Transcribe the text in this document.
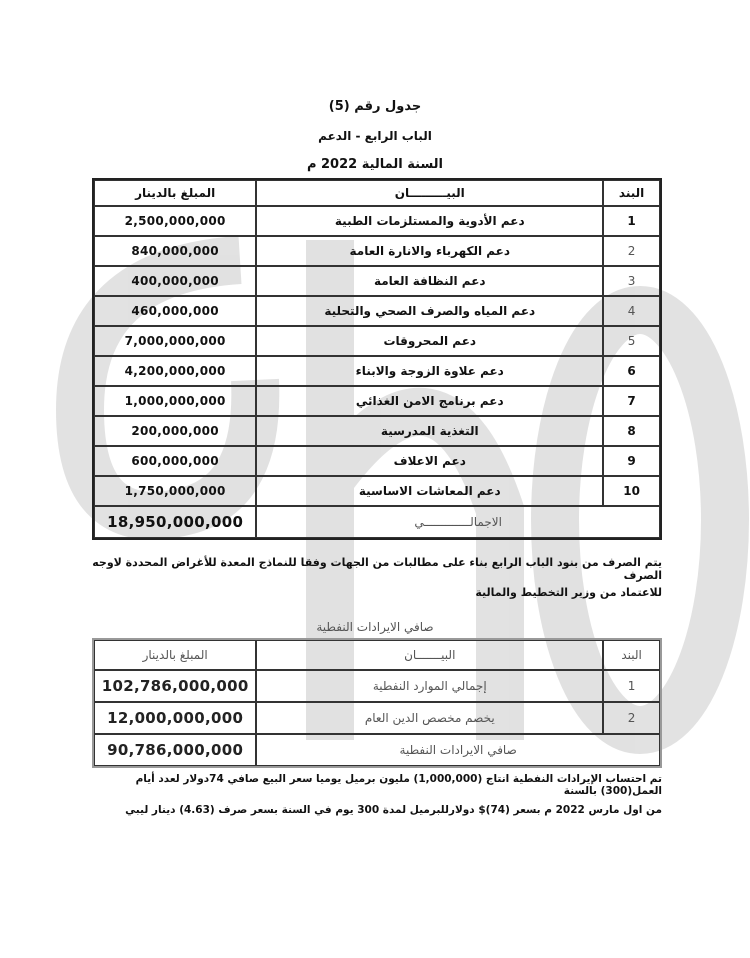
جدول رقم (5)
الباب الرابع - الدعم
السنة المالية 2022 م
البند	البيـــــــــان	المبلغ بالدينار
1	دعم الأدوية والمستلزمات الطبية	2,500,000,000
2	دعم الكهرباء والانارة العامة	840,000,000
3	دعم النظافة العامة	400,000,000
4	دعم المياه والصرف الصحي والتحلية	460,000,000
5	دعم المحروقات	7,000,000,000
6	دعم علاوة الزوجة والابناء	4,200,000,000
7	دعم برنامج الامن الغذائي	1,000,000,000
8	التغذية المدرسية	200,000,000
9	دعم الاعلاف	600,000,000
10	دعم المعاشات الاساسية	1,750,000,000
الاجمالـــــــــــــي		18,950,000,000
يتم الصرف من بنود الباب الرابع بناء على مطالبات من الجهات وفقا للنماذج المعدة للأغراض المحددة لاوجه الصرف
للاعتماد من وزير التخطيط والمالية
صافي الايرادات النفطية
البند	البيـــــــان	المبلغ بالدينار
1	إجمالي الموارد النفطية	102,786,000,000
2	يخصم مخصص الدين العام	12,000,000,000
صافي الايرادات النفطية		90,786,000,000
تم احتساب الإيرادات النفطية انتاج (1,000,000) مليون برميل يوميا سعر البيع صافي 74دولار لعدد أيام العمل(300) بالسنة
من اول مارس 2022 م بسعر (74)$ دولارللبرميل لمدة 300 يوم في السنة بسعر صرف (4.63) دينار ليبي
